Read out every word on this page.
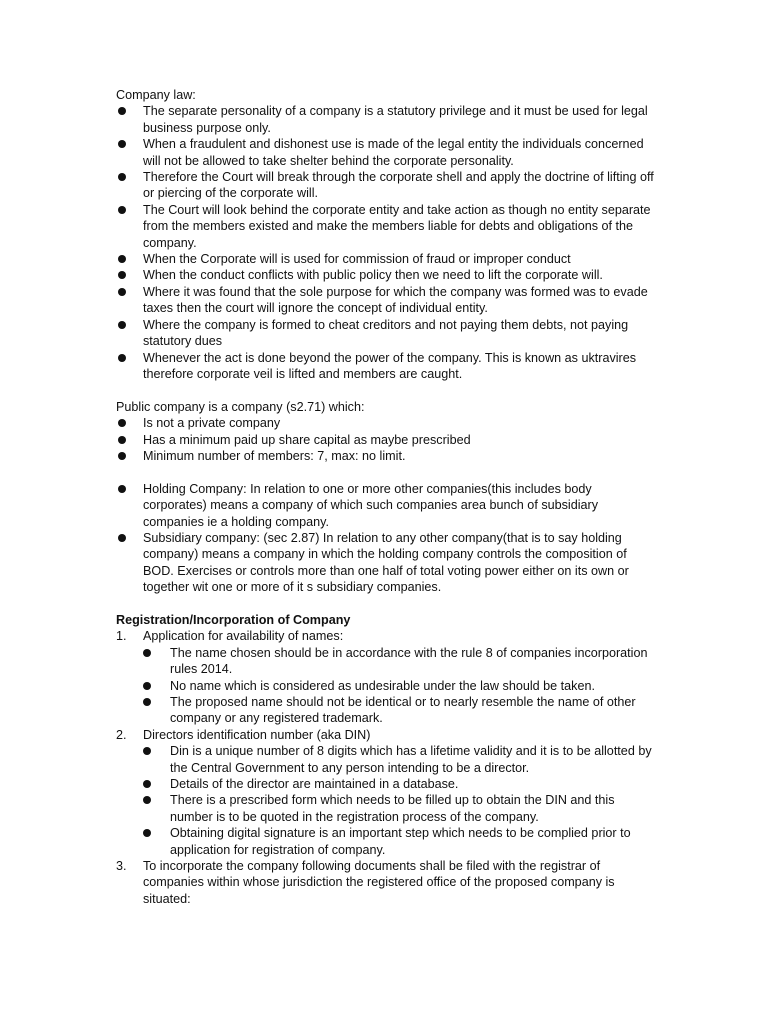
Company law:

The separate personality of a company is a statutory privilege and it must be used for legal business purpose only.
When a fraudulent and dishonest use is made of the legal entity the individuals concerned will not be allowed to take shelter behind the corporate personality.
Therefore the Court will break through the corporate shell and apply the doctrine of lifting off or piercing of the corporate will.
The Court will look behind the corporate entity and take action as though no entity separate from the members existed and make the members liable for debts and obligations of the company.
When the Corporate will is used for commission of fraud or improper conduct
When the conduct conflicts with public policy then we need to lift the corporate will.
Where it was found that the sole purpose for which the company was formed was to evade taxes then the court will ignore the concept of individual entity.
Where the company is formed to cheat creditors and not paying them debts, not paying statutory dues
Whenever the act is done beyond the power of the company. This is known as uktravires therefore corporate veil is lifted and members are caught.

Public company is a company (s2.71) which:

Is not a private company
Has a minimum paid up share capital as maybe prescribed
Minimum number of members: 7, max: no limit.
Holding Company: In relation to one or more other companies(this includes body corporates) means a company of which such companies area bunch of subsidiary companies ie a holding company.
Subsidiary company: (sec 2.87) In relation to any other company(that is to say holding company) means a company in which the holding company controls the composition of BOD. Exercises or controls more than one half of total voting power either on its own or together wit one or more of it s subsidiary companies.

Registration/Incorporation of Company

1. Application for availability of names:
The name chosen should be in accordance with the rule 8 of companies incorporation rules 2014.
No name which is considered as undesirable under the law should be taken.
The proposed name should not be identical or to nearly resemble the name of other company or any registered trademark.
2. Directors identification number (aka DIN)
Din is a unique number of 8 digits which has a lifetime validity and it is to be allotted by the Central Government to any person intending to be a director.
Details of the director are maintained in a database.
There is a prescribed form which needs to be filled up to obtain the DIN and this number is to be quoted in the registration process of the company.
Obtaining digital signature is an important step which needs to be complied prior to application for registration of company.
3. To incorporate the company following documents shall be filed with the registrar of companies within whose jurisdiction the registered office of the proposed company is situated:
